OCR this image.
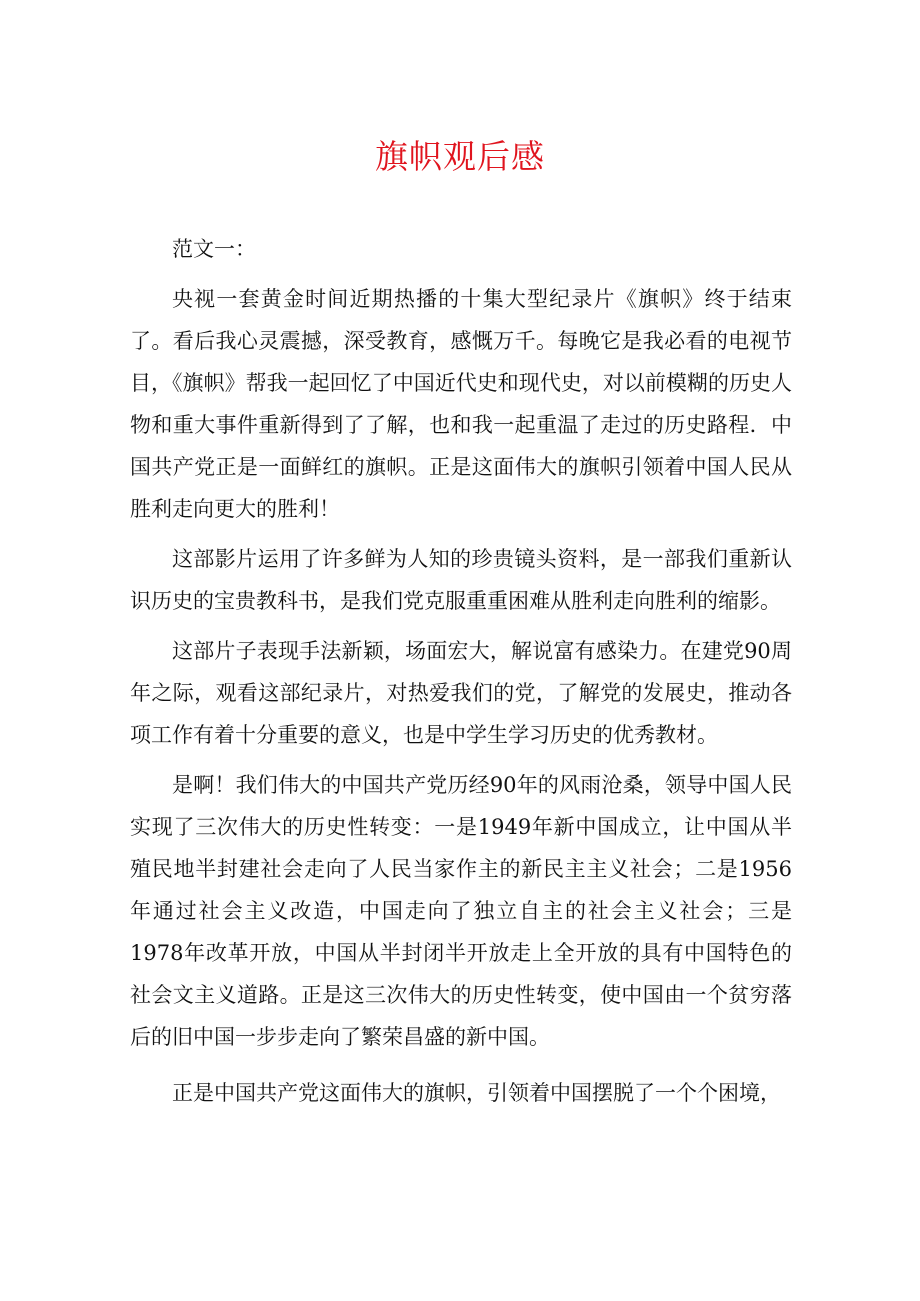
旗帜观后感

范文一：

央视一套黄金时间近期热播的十集大型纪录片《旗帜》终于结束了。看后我心灵震撼，深受教育，感慨万千。每晚它是我必看的电视节目，《旗帜》帮我一起回忆了中国近代史和现代史，对以前模糊的历史人物和重大事件重新得到了了解，也和我一起重温了走过的历史路程．中国共产党正是一面鲜红的旗帜。正是这面伟大的旗帜引领着中国人民从胜利走向更大的胜利！

这部影片运用了许多鲜为人知的珍贵镜头资料，是一部我们重新认识历史的宝贵教科书，是我们党克服重重困难从胜利走向胜利的缩影。

这部片子表现手法新颖，场面宏大，解说富有感染力。在建党90周年之际，观看这部纪录片，对热爱我们的党，了解党的发展史，推动各项工作有着十分重要的意义，也是中学生学习历史的优秀教材。

是啊！我们伟大的中国共产党历经90年的风雨沧桑，领导中国人民实现了三次伟大的历史性转变：一是1949年新中国成立，让中国从半殖民地半封建社会走向了人民当家作主的新民主主义社会；二是1956年通过社会主义改造，中国走向了独立自主的社会主义社会；三是1978年改革开放，中国从半封闭半开放走上全开放的具有中国特色的社会文主义道路。正是这三次伟大的历史性转变，使中国由一个贫穷落后的旧中国一步步走向了繁荣昌盛的新中国。

正是中国共产党这面伟大的旗帜，引领着中国摆脱了一个个困境，
